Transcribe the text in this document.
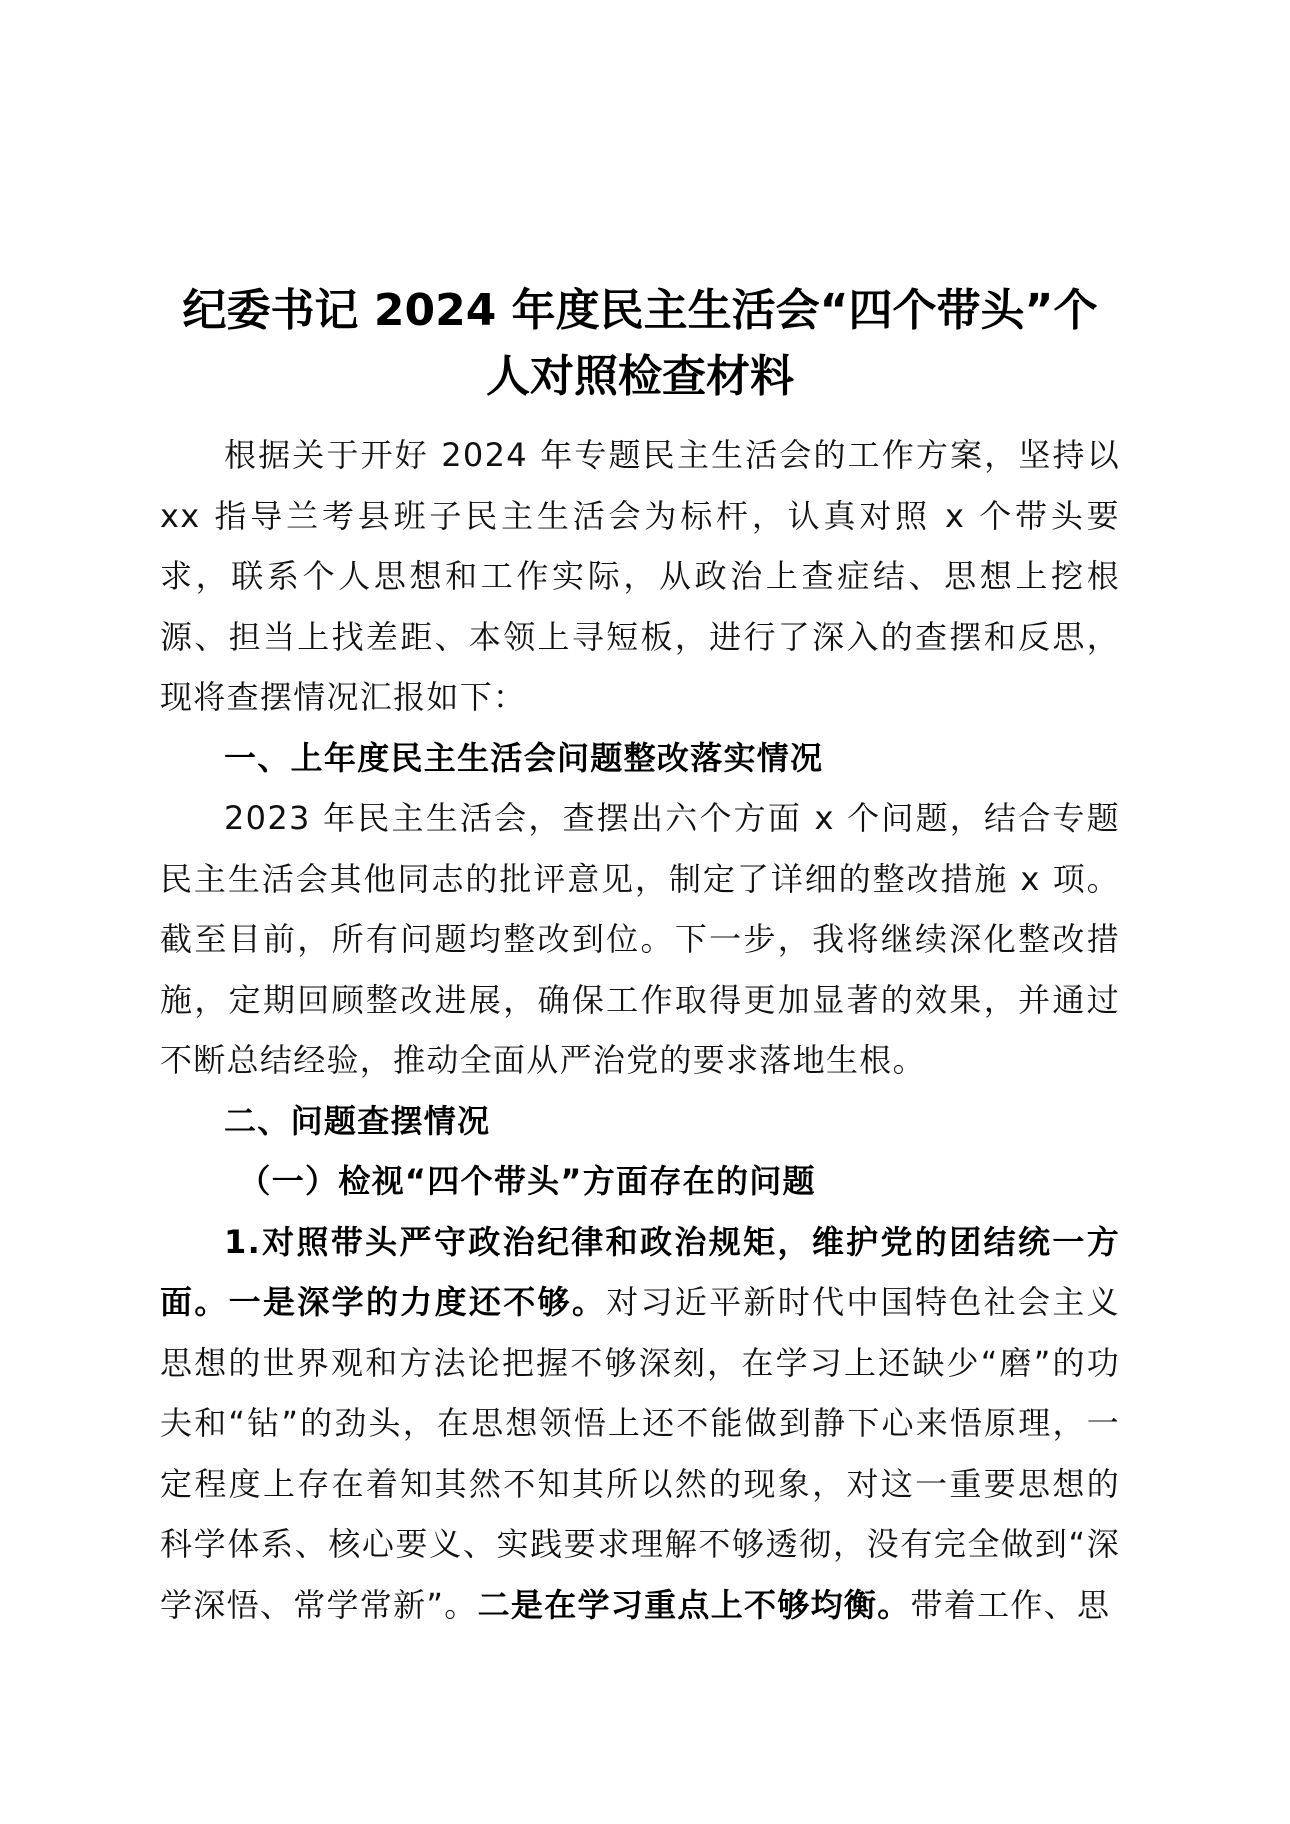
纪委书记 2024 年度民主生活会“四个带头”个
人对照检查材料

根据关于开好 2024 年专题民主生活会的工作方案，坚持以 xx 指导兰考县班子民主生活会为标杆，认真对照 x 个带头要求，联系个人思想和工作实际，从政治上查症结、思想上挖根源、担当上找差距、本领上寻短板，进行了深入的查摆和反思，现将查摆情况汇报如下：

一、上年度民主生活会问题整改落实情况

2023 年民主生活会，查摆出六个方面 x 个问题，结合专题民主生活会其他同志的批评意见，制定了详细的整改措施 x 项。截至目前，所有问题均整改到位。下一步，我将继续深化整改措施，定期回顾整改进展，确保工作取得更加显著的效果，并通过不断总结经验，推动全面从严治党的要求落地生根。

二、问题查摆情况

（一）检视“四个带头”方面存在的问题

1.对照带头严守政治纪律和政治规矩，维护党的团结统一方面。一是深学的力度还不够。对习近平新时代中国特色社会主义思想的世界观和方法论把握不够深刻，在学习上还缺少“磨”的功夫和“钻”的劲头，在思想领悟上还不能做到静下心来悟原理，一定程度上存在着知其然不知其所以然的现象，对这一重要思想的科学体系、核心要义、实践要求理解不够透彻，没有完全做到“深学深悟、常学常新”。二是在学习重点上不够均衡。带着工作、思
